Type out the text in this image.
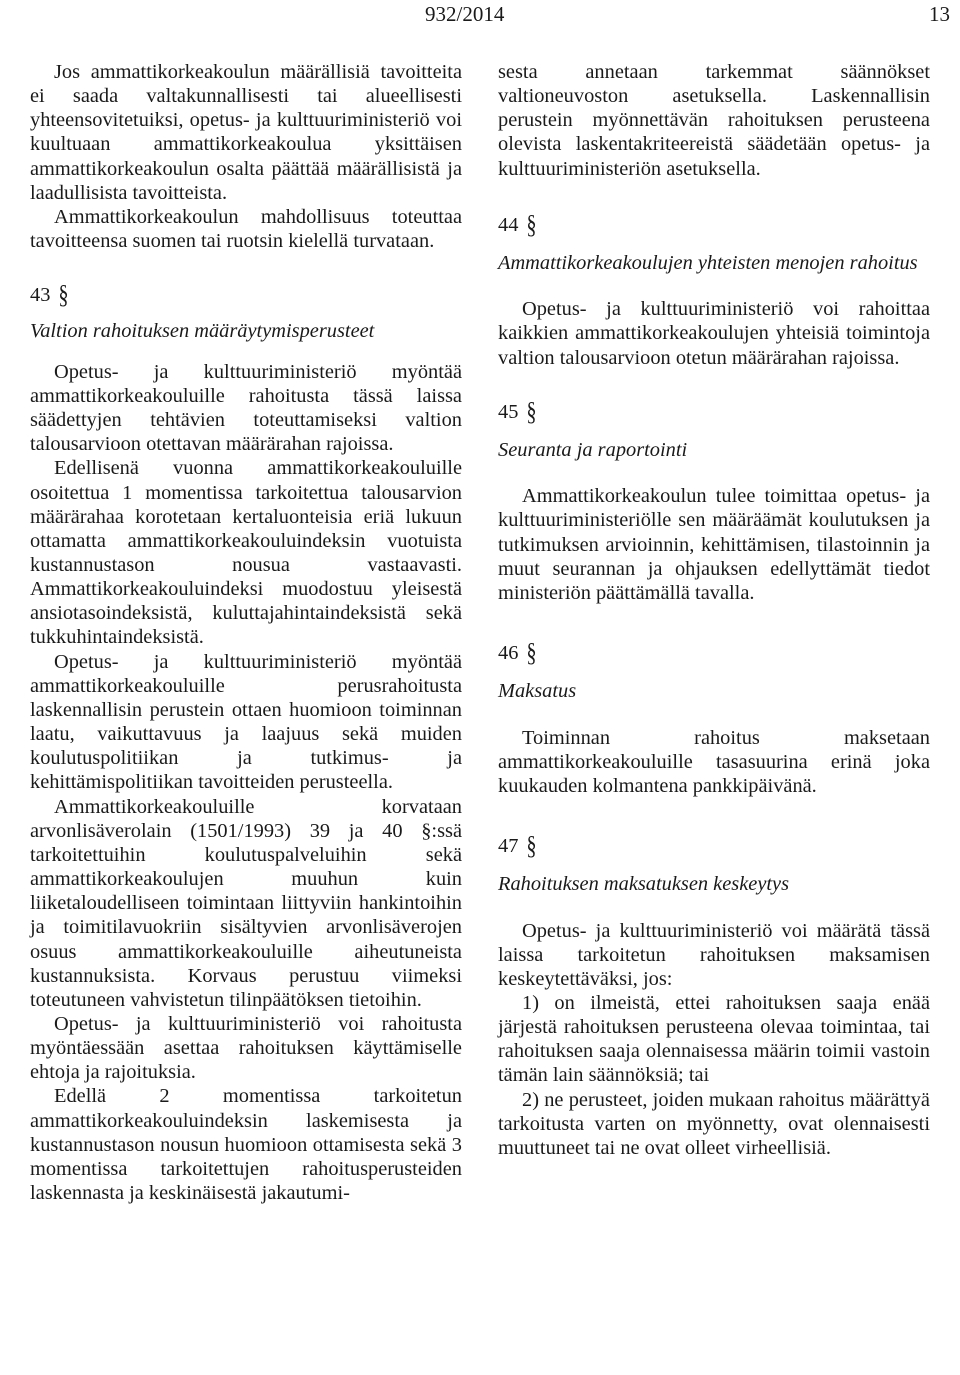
932/2014	13

Jos ammattikorkeakoulun määrällisiä tavoitteita ei saada valtakunnallisesti tai alueellisesti yhteensovitetuiksi, opetus- ja kulttuuriministeriö voi kuultuaan ammattikorkeakoulua yksittäisen ammattikorkeakoulun osalta päättää määrällisistä ja laadullisista tavoitteista.

Ammattikorkeakoulun mahdollisuus toteuttaa tavoitteensa suomen tai ruotsin kielellä turvataan.

43 §

Valtion rahoituksen määräytymisperusteet

Opetus- ja kulttuuriministeriö myöntää ammattikorkeakouluille rahoitusta tässä laissa säädettyjen tehtävien toteuttamiseksi valtion talousarvioon otettavan määrärahan rajoissa.

Edellisenä vuonna ammattikorkeakouluille osoitettua 1 momentissa tarkoitettua talousarvion määrärahaa korotetaan kertaluonteisia eriä lukuun ottamatta ammattikorkeakouluindeksin vuotuista kustannustason nousua vastaavasti. Ammattikorkeakouluindeksi muodostuu yleisestä ansiotasoindeksistä, kuluttajahintaindeksistä sekä tukkuhintaindeksistä.

Opetus- ja kulttuuriministeriö myöntää ammattikorkeakouluille perusrahoitusta laskennallisin perustein ottaen huomioon toiminnan laatu, vaikuttavuus ja laajuus sekä muiden koulutuspolitiikan ja tutkimus- ja kehittämispolitiikan tavoitteiden perusteella.

Ammattikorkeakouluille korvataan arvonlisäverolain (1501/1993) 39 ja 40 §:ssä tarkoitettuihin koulutuspalveluihin sekä ammattikorkeakoulujen muuhun kuin liiketaloudelliseen toimintaan liittyviin hankintoihin ja toimitilavuokriin sisältyvien arvonlisäverojen osuus ammattikorkeakouluille aiheutuneista kustannuksista. Korvaus perustuu viimeksi toteutuneen vahvistetun tilinpäätöksen tietoihin.

Opetus- ja kulttuuriministeriö voi rahoitusta myöntäessään asettaa rahoituksen käyttämiselle ehtoja ja rajoituksia.

Edellä 2 momentissa tarkoitetun ammattikorkeakouluindeksin laskemisesta ja kustannustason nousun huomioon ottamisesta sekä 3 momentissa tarkoitettujen rahoitusperusteiden laskennasta ja keskinäisestä jakautumi-

sesta annetaan tarkemmat säännökset valtioneuvoston asetuksella. Laskennallisin perustein myönnettävän rahoituksen perusteena olevista laskentakriteereistä säädetään opetus- ja kulttuuriministeriön asetuksella.

44 §

Ammattikorkeakoulujen yhteisten menojen rahoitus

Opetus- ja kulttuuriministeriö voi rahoittaa kaikkien ammattikorkeakoulujen yhteisiä toimintoja valtion talousarvioon otetun määrärahan rajoissa.

45 §

Seuranta ja raportointi

Ammattikorkeakoulun tulee toimittaa opetus- ja kulttuuriministeriölle sen määräämät koulutuksen ja tutkimuksen arvioinnin, kehittämisen, tilastoinnin ja muut seurannan ja ohjauksen edellyttämät tiedot ministeriön päättämällä tavalla.

46 §

Maksatus

Toiminnan rahoitus maksetaan ammattikorkeakouluille tasasuurina erinä joka kuukauden kolmantena pankkipäivänä.

47 §

Rahoituksen maksatuksen keskeytys

Opetus- ja kulttuuriministeriö voi määrätä tässä laissa tarkoitetun rahoituksen maksamisen keskeytettäväksi, jos:

1) on ilmeistä, ettei rahoituksen saaja enää järjestä rahoituksen perusteena olevaa toimintaa, tai rahoituksen saaja olennaisessa määrin toimii vastoin tämän lain säännöksiä; tai

2) ne perusteet, joiden mukaan rahoitus määrättyä tarkoitusta varten on myönnetty, ovat olennaisesti muuttuneet tai ne ovat olleet virheellisiä.
